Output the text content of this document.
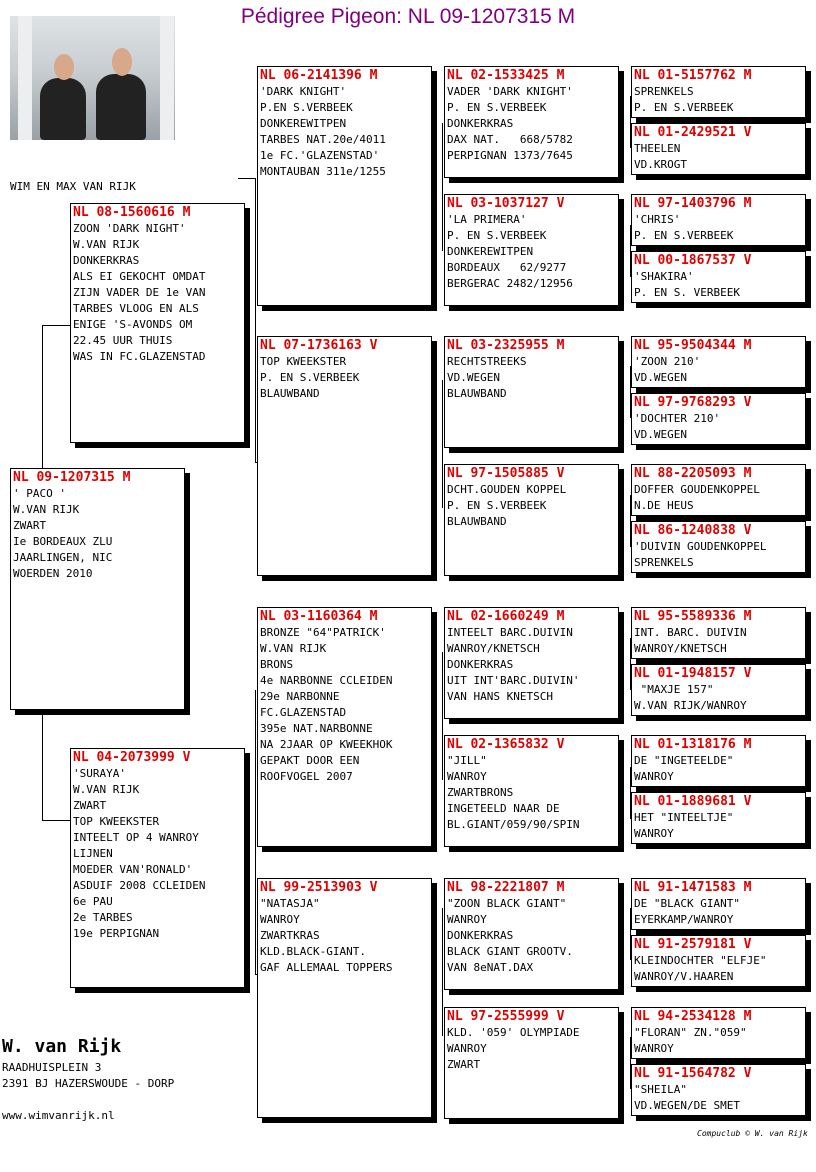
Pédigree Pigeon: NL 09-1207315 M
WIM EN MAX VAN RIJK
NL 09-1207315 M
' PACO '
W.VAN RIJK
ZWART
Ie BORDEAUX ZLU
JAARLINGEN, NIC
WOERDEN 2010
NL 08-1560616 M
ZOON 'DARK NIGHT'
W.VAN RIJK
DONKERKRAS
ALS EI GEKOCHT OMDAT
ZIJN VADER DE 1e VAN
TARBES VLOOG EN ALS
ENIGE 'S-AVONDS OM
22.45 UUR THUIS
WAS IN FC.GLAZENSTAD
NL 04-2073999 V
'SURAYA'
W.VAN RIJK
ZWART
TOP KWEEKSTER
INTEELT OP 4 WANROY
LIJNEN
MOEDER VAN'RONALD'
ASDUIF 2008 CCLEIDEN
6e PAU
2e TARBES
19e PERPIGNAN
NL 06-2141396 M
'DARK KNIGHT'
P.EN S.VERBEEK
DONKEREWITPEN
TARBES NAT.20e/4011
1e FC.'GLAZENSTAD'
MONTAUBAN 311e/1255
NL 07-1736163 V
TOP KWEEKSTER
P. EN S.VERBEEK
BLAUWBAND
NL 03-1160364 M
BRONZE "64"PATRICK'
W.VAN RIJK
BRONS
4e NARBONNE CCLEIDEN
29e NARBONNE
FC.GLAZENSTAD
395e NAT.NARBONNE
NA 2JAAR OP KWEEKHOK
GEPAKT DOOR EEN
ROOFVOGEL 2007
NL 99-2513903 V
"NATASJA"
WANROY
ZWARTKRAS
KLD.BLACK-GIANT.
GAF ALLEMAAL TOPPERS
NL 02-1533425 M
VADER 'DARK KNIGHT'
P. EN S.VERBEEK
DONKERKRAS
DAX NAT.   668/5782
PERPIGNAN 1373/7645
NL 03-1037127 V
'LA PRIMERA'
P. EN S.VERBEEK
DONKEREWITPEN
BORDEAUX   62/9277
BERGERAC 2482/12956
NL 03-2325955 M
RECHTSTREEKS
VD.WEGEN
BLAUWBAND
NL 97-1505885 V
DCHT.GOUDEN KOPPEL
P. EN S.VERBEEK
BLAUWBAND
NL 02-1660249 M
INTEELT BARC.DUIVIN
WANROY/KNETSCH
DONKERKRAS
UIT INT'BARC.DUIVIN'
VAN HANS KNETSCH
NL 02-1365832 V
"JILL"
WANROY
ZWARTBRONS
INGETEELD NAAR DE
BL.GIANT/059/90/SPIN
NL 98-2221807 M
"ZOON BLACK GIANT"
WANROY
DONKERKRAS
BLACK GIANT GROOTV.
VAN 8eNAT.DAX
NL 97-2555999 V
KLD. '059' OLYMPIADE
WANROY
ZWART
NL 01-5157762 M
SPRENKELS
P. EN S.VERBEEK
NL 01-2429521 V
THEELEN
VD.KROGT
NL 97-1403796 M
'CHRIS'
P. EN S.VERBEEK
NL 00-1867537 V
'SHAKIRA'
P. EN S. VERBEEK
NL 95-9504344 M
'ZOON 210'
VD.WEGEN
NL 97-9768293 V
'DOCHTER 210'
VD.WEGEN
NL 88-2205093 M
DOFFER GOUDENKOPPEL
N.DE HEUS
NL 86-1240838 V
'DUIVIN GOUDENKOPPEL
SPRENKELS
NL 95-5589336 M
INT. BARC. DUIVIN
WANROY/KNETSCH
NL 01-1948157 V
"MAXJE 157"
W.VAN RIJK/WANROY
NL 01-1318176 M
DE "INGETEELDE"
WANROY
NL 01-1889681 V
HET "INTEELTJE"
WANROY
NL 91-1471583 M
DE "BLACK GIANT"
EYERKAMP/WANROY
NL 91-2579181 V
KLEINDOCHTER "ELFJE"
WANROY/V.HAAREN
NL 94-2534128 M
"FLORAN" ZN."059"
WANROY
NL 91-1564782 V
"SHEILA"
VD.WEGEN/DE SMET
W. van Rijk
RAADHUISPLEIN 3
2391 BJ HAZERSWOUDE - DORP
www.wimvanrijk.nl
Compuclub © W. van Rijk
